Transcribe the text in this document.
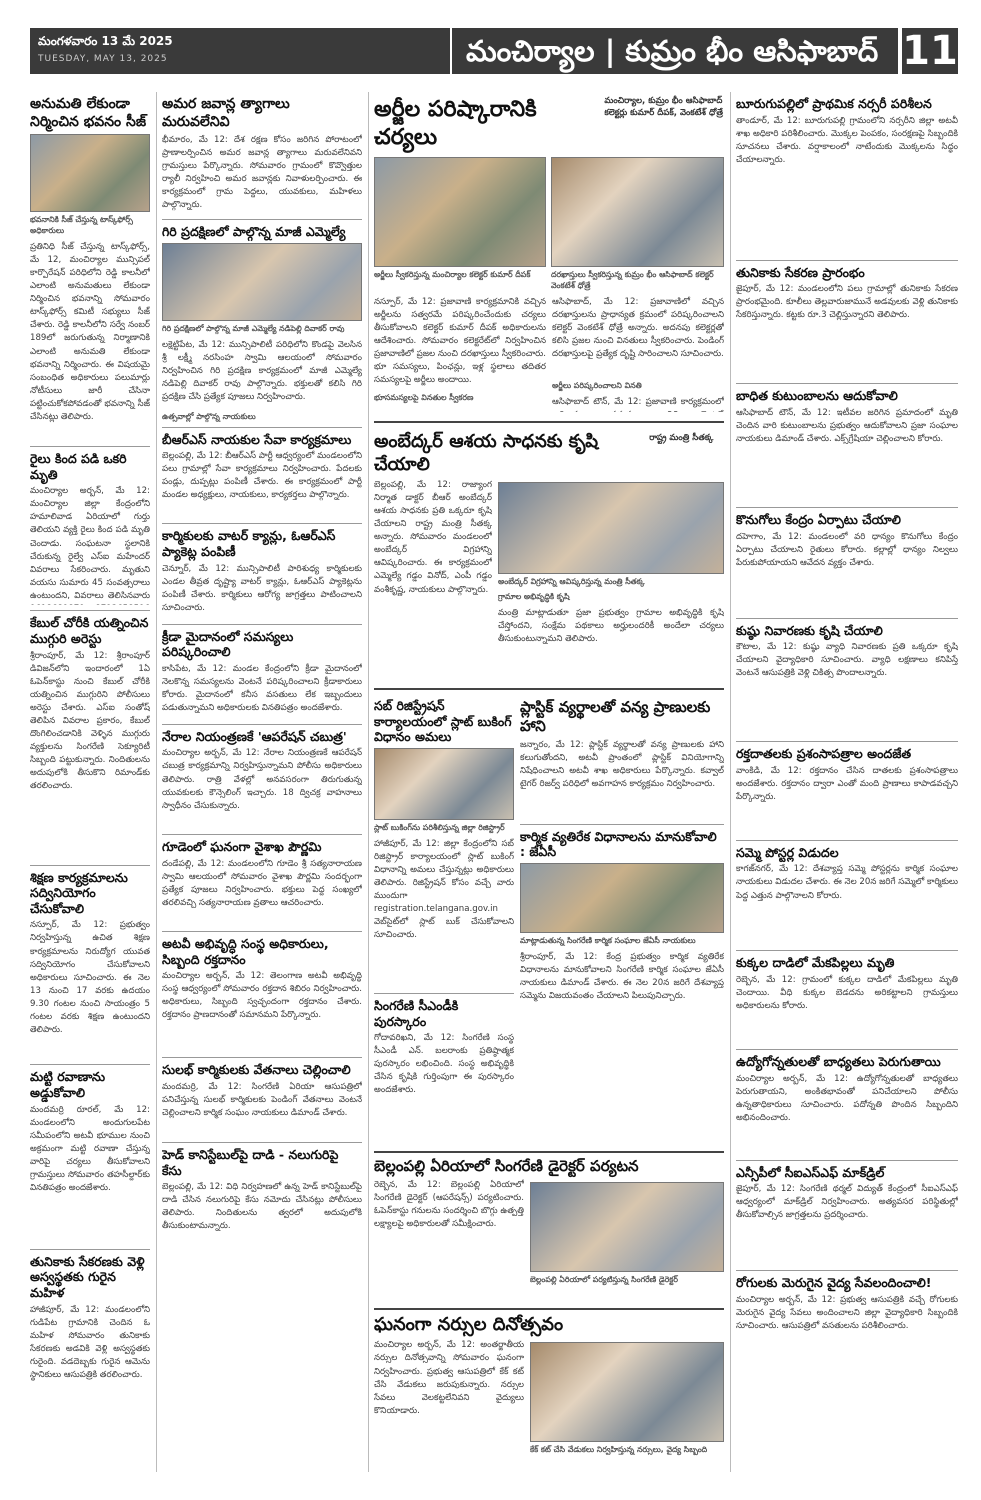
మంగళవారం 13 మే 2025
TUESDAY, MAY 13, 2025	మంచిర్యాల | కుమ్రం భీం ఆసిఫాబాద్ 11
అనుమతి లేకుండా నిర్మించిన భవనం సీజ్
భవనానికి సీజ్ చేస్తున్న టాస్క్‌ఫోర్స్ అధికారులు
ప్రతినిధి సీజ్ చేస్తున్న టాస్క్‌ఫోర్స్, మే 12, మంచిర్యాల మున్సిపల్ కార్పొరేషన్ పరిధిలోని రెడ్డి కాలనీలో ఎలాంటి అనుమతులు లేకుండా నిర్మించిన భవనాన్ని సోమవారం టాస్క్‌ఫోర్స్ కమిటీ సభ్యులు సీజ్ చేశారు. రెడ్డి కాలనీలోని సర్వే నంబర్ 189లో జరుగుతున్న నిర్మాణానికి ఎలాంటి అనుమతి లేకుండా భవనాన్ని నిర్మించారు. ఈ విషయమై సంబంధిత అధికారులు పలుమార్లు నోటీసులు జారీ చేసినా పట్టించుకోకపోవడంతో భవనాన్ని సీజ్ చేసినట్లు తెలిపారు.
రైలు కింద పడి ఒకరి మృతి
మంచిర్యాల అర్బన్, మే 12: మంచిర్యాల జిల్లా కేంద్రంలోని హమాలివాడ ఏరియాలో గుర్తు తెలియని వ్యక్తి రైలు కింద పడి మృతి చెందాడు. సంఘటనా స్థలానికి చేరుకున్న రైల్వే ఎస్ఐ మహేందర్ వివరాలు సేకరించారు. మృతుని వయసు సుమారు 45 సంవత్సరాలు ఉంటుందని, వివరాలు తెలిసినవారు
కేబుల్ చోరీకి యత్నించిన ముగ్గురి అరెస్టు
శ్రీరాంపూర్, మే 12: శ్రీరాంపూర్ డివిజన్‌లోని ఇందారంలో 1ఏ ఓపెన్‌కాస్టు నుంచి కేబుల్ చోరీకి యత్నించిన ముగ్గురిని పోలీసులు అరెస్టు చేశారు. ఎస్ఐ సంతోష్ తెలిపిన వివరాల ప్రకారం, కేబుల్ దొంగిలించడానికి వెళ్ళిన ముగ్గురు వ్యక్తులను సింగరేణి సెక్యూరిటీ సిబ్బంది పట్టుకున్నారు. నిందితులను అదుపులోకి తీసుకొని రిమాండ్‌కు తరలించారు.
శిక్షణ కార్యక్రమాలను సద్వినియోగం చేసుకోవాలి
నస్పూర్, మే 12: ప్రభుత్వం నిర్వహిస్తున్న ఉచిత శిక్షణ కార్యక్రమాలను నిరుద్యోగ యువత సద్వినియోగం చేసుకోవాలని అధికారులు సూచించారు. ఈ నెల 13 నుంచి 17 వరకు ఉదయం 9.30 గంటల నుంచి సాయంత్రం 5 గంటల వరకు శిక్షణ ఉంటుందని తెలిపారు.
మట్టి రవాణాను అడ్డుకోవాలి
మందమర్రి రూరల్, మే 12: మండలంలోని అందుగులపేట సమీపంలోని అటవీ భూముల నుంచి అక్రమంగా మట్టి రవాణా చేస్తున్న వారిపై చర్యలు తీసుకోవాలని గ్రామస్తులు సోమవారం తహసీల్దార్‌కు వినతిపత్రం అందజేశారు.
తునికాకు సేకరణకు వెళ్లి అస్వస్థతకు గురైన మహిళ
హాజీపూర్, మే 12: మండలంలోని గుడిపేట గ్రామానికి చెందిన ఓ మహిళ సోమవారం తునికాకు సేకరణకు అడవికి వెళ్లి అస్వస్థతకు గురైంది. వడదెబ్బకు గురైన ఆమెను స్థానికులు ఆసుపత్రికి తరలించారు.
అమర జవాన్ల త్యాగాలు మరువలేనివి
భీమారం, మే 12: దేశ రక్షణ కోసం జరిగిన పోరాటంలో ప్రాణాలర్పించిన అమర జవాన్ల త్యాగాలు మరువలేనివని గ్రామస్తులు పేర్కొన్నారు. సోమవారం గ్రామంలో కొవ్వొత్తుల ర్యాలీ నిర్వహించి అమర జవాన్లకు నివాళులర్పించారు. ఈ కార్యక్రమంలో గ్రామ పెద్దలు, యువకులు, మహిళలు పాల్గొన్నారు.
గిరి ప్రదక్షిణలో పాల్గొన్న మాజీ ఎమ్మెల్యే
గిరి ప్రదక్షిణలో పాల్గొన్న మాజీ ఎమ్మెల్యే నడిపెల్లి దివాకర్ రావు
లక్షెట్టిపేట, మే 12: మున్సిపాలిటీ పరిధిలోని కొండపై వెలసిన శ్రీ లక్ష్మీ నరసింహ స్వామి ఆలయంలో సోమవారం నిర్వహించిన గిరి ప్రదక్షిణ కార్యక్రమంలో మాజీ ఎమ్మెల్యే నడిపెల్లి దివాకర్ రావు పాల్గొన్నారు. భక్తులతో కలిసి గిరి ప్రదక్షిణ చేసి ప్రత్యేక పూజలు నిర్వహించారు.
ఉత్సవాల్లో పాల్గొన్న నాయకులు
బీఆర్ఎస్ నాయకుల సేవా కార్యక్రమాలు
బెల్లంపల్లి, మే 12: బీఆర్ఎస్ పార్టీ ఆధ్వర్యంలో మండలంలోని పలు గ్రామాల్లో సేవా కార్యక్రమాలు నిర్వహించారు. పేదలకు పండ్లు, దుప్పట్లు పంపిణీ చేశారు. ఈ కార్యక్రమంలో పార్టీ మండల అధ్యక్షులు, నాయకులు, కార్యకర్తలు పాల్గొన్నారు.
కార్మికులకు వాటర్ క్యాన్లు, ఓఆర్ఎస్ ప్యాకెట్ల పంపిణీ
చెన్నూర్, మే 12: మున్సిపాలిటీ పారిశుధ్య కార్మికులకు ఎండల తీవ్రత దృష్ట్యా వాటర్ క్యాన్లు, ఓఆర్ఎస్ ప్యాకెట్లను పంపిణీ చేశారు. కార్మికులు ఆరోగ్య జాగ్రత్తలు పాటించాలని సూచించారు.
క్రీడా మైదానంలో సమస్యలు పరిష్కరించాలి
కాసిపేట, మే 12: మండల కేంద్రంలోని క్రీడా మైదానంలో నెలకొన్న సమస్యలను వెంటనే పరిష్కరించాలని క్రీడాకారులు కోరారు. మైదానంలో కనీస వసతులు లేక ఇబ్బందులు పడుతున్నామని అధికారులకు వినతిపత్రం అందజేశారు.
నేరాల నియంత్రణకే 'ఆపరేషన్ చబుత్ర'
మంచిర్యాల అర్బన్, మే 12: నేరాల నియంత్రణకే ఆపరేషన్ చబుత్ర కార్యక్రమాన్ని నిర్వహిస్తున్నామని పోలీసు అధికారులు తెలిపారు. రాత్రి వేళల్లో అనవసరంగా తిరుగుతున్న యువకులకు కౌన్సెలింగ్ ఇచ్చారు. 18 ద్విచక్ర వాహనాలు స్వాధీనం చేసుకున్నారు.
గూడెంలో ఘనంగా వైశాఖ పౌర్ణమి
దండేపల్లి, మే 12: మండలంలోని గూడెం శ్రీ సత్యనారాయణ స్వామి ఆలయంలో సోమవారం వైశాఖ పౌర్ణమి సందర్భంగా ప్రత్యేక పూజలు నిర్వహించారు. భక్తులు పెద్ద సంఖ్యలో తరలివచ్చి సత్యనారాయణ వ్రతాలు ఆచరించారు.
అటవీ అభివృద్ధి సంస్థ అధికారులు, సిబ్బంది రక్తదానం
మంచిర్యాల అర్బన్, మే 12: తెలంగాణ అటవీ అభివృద్ధి సంస్థ ఆధ్వర్యంలో సోమవారం రక్తదాన శిబిరం నిర్వహించారు. అధికారులు, సిబ్బంది స్వచ్ఛందంగా రక్తదానం చేశారు. రక్తదానం ప్రాణదానంతో సమానమని పేర్కొన్నారు.
సులభ్ కార్మికులకు వేతనాలు చెల్లించాలి
మందమర్రి, మే 12: సింగరేణి ఏరియా ఆసుపత్రిలో పనిచేస్తున్న సులభ్ కార్మికులకు పెండింగ్ వేతనాలు వెంటనే చెల్లించాలని కార్మిక సంఘం నాయకులు డిమాండ్ చేశారు.
హెడ్ కానిస్టేబుల్‌పై దాడి - నలుగురిపై కేసు
బెల్లంపల్లి, మే 12: విధి నిర్వహణలో ఉన్న హెడ్ కానిస్టేబుల్‌పై దాడి చేసిన నలుగురిపై కేసు నమోదు చేసినట్లు పోలీసులు తెలిపారు. నిందితులను త్వరలో అదుపులోకి తీసుకుంటామన్నారు.
అర్జీల పరిష్కారానికి చర్యలు
మంచిర్యాల, కుమ్రం భీం ఆసిఫాబాద్ కలెక్టర్లు కుమార్ దీపక్, వెంకటేశ్ ధోత్రే
అర్జీలు స్వీకరిస్తున్న మంచిర్యాల కలెక్టర్ కుమార్ దీపక్	దరఖాస్తులు స్వీకరిస్తున్న కుమ్రం భీం ఆసిఫాబాద్ కలెక్టర్ వెంకటేశ్ ధోత్రే
నస్పూర్, మే 12: ప్రజావాణి కార్యక్రమానికి వచ్చిన అర్జీలను సత్వరమే పరిష్కరించేందుకు చర్యలు తీసుకోవాలని కలెక్టర్ కుమార్ దీపక్ అధికారులను ఆదేశించారు. సోమవారం కలెక్టరేట్‌లో నిర్వహించిన ప్రజావాణిలో ప్రజల నుంచి దరఖాస్తులు స్వీకరించారు. భూ సమస్యలు, పింఛన్లు, ఇళ్ల స్థలాలు తదితర సమస్యలపై అర్జీలు అందాయి.
భూసమస్యలపై వినతుల స్వీకరణ
ఆసిఫాబాద్, మే 12: ప్రజావాణిలో వచ్చిన దరఖాస్తులను ప్రాధాన్యత క్రమంలో పరిష్కరించాలని కలెక్టర్ వెంకటేశ్ ధోత్రే అన్నారు. అదనపు కలెక్టర్లతో కలిసి ప్రజల నుంచి వినతులు స్వీకరించారు. పెండింగ్ దరఖాస్తులపై ప్రత్యేక దృష్టి సారించాలని సూచించారు.
అర్జీలు పరిష్కరించాలని వినతి
ఆసిఫాబాద్ టౌన్, మే 12: ప్రజావాణి కార్యక్రమంలో
అంబేద్కర్ ఆశయ సాధనకు కృషి చేయాలి
రాష్ట్ర మంత్రి సీతక్క
బెల్లంపల్లి, మే 12: రాజ్యాంగ నిర్మాత డాక్టర్ బీఆర్ అంబేద్కర్ ఆశయ సాధనకు ప్రతి ఒక్కరూ కృషి చేయాలని రాష్ట్ర మంత్రి సీతక్క అన్నారు. సోమవారం మండలంలో అంబేద్కర్ విగ్రహాన్ని ఆవిష్కరించారు. ఈ కార్యక్రమంలో ఎమ్మెల్యే గడ్డం వినోద్, ఎంపీ గడ్డం వంశీకృష్ణ, నాయకులు పాల్గొన్నారు.
అంబేద్కర్ విగ్రహాన్ని ఆవిష్కరిస్తున్న మంత్రి సీతక్క
గ్రామాల అభివృద్ధికి కృషి
మంత్రి మాట్లాడుతూ ప్రజా ప్రభుత్వం గ్రామాల అభివృద్ధికి కృషి చేస్తోందని, సంక్షేమ పథకాలు అర్హులందరికీ అందేలా చర్యలు తీసుకుంటున్నామని తెలిపారు.
సబ్ రిజిస్ట్రేషన్ కార్యాలయంలో స్లాట్ బుకింగ్ విధానం అమలు
స్లాట్ బుకింగ్‌ను పరిశీలిస్తున్న జిల్లా రిజిస్ట్రార్
హాజీపూర్, మే 12: జిల్లా కేంద్రంలోని సబ్ రిజిస్ట్రార్ కార్యాలయంలో స్లాట్ బుకింగ్ విధానాన్ని అమలు చేస్తున్నట్లు అధికారులు తెలిపారు. రిజిస్ట్రేషన్ కోసం వచ్చే వారు ముందుగా registration.telangana.gov.in వెబ్‌సైట్‌లో స్లాట్ బుక్ చేసుకోవాలని సూచించారు.
సింగరేణి సీఎండీకి పురస్కారం
గోదావరిఖని, మే 12: సింగరేణి సంస్థ సీఎండీ ఎన్. బలరాంకు ప్రతిష్ఠాత్మక పురస్కారం లభించింది. సంస్థ అభివృద్ధికి చేసిన కృషికి గుర్తింపుగా ఈ పురస్కారం అందజేశారు.
ప్లాస్టిక్ వ్యర్థాలతో వన్య ప్రాణులకు హాని
జన్నారం, మే 12: ప్లాస్టిక్ వ్యర్థాలతో వన్య ప్రాణులకు హాని కలుగుతోందని, అటవీ ప్రాంతంలో ప్లాస్టిక్ వినియోగాన్ని నిషేధించాలని అటవీ శాఖ అధికారులు పేర్కొన్నారు. కవ్వాల్ టైగర్ రిజర్వ్ పరిధిలో అవగాహన కార్యక్రమం నిర్వహించారు.
కార్మిక వ్యతిరేక విధానాలను మానుకోవాలి : జేఏసీ
మాట్లాడుతున్న సింగరేణి కార్మిక సంఘాల జేఏసీ నాయకులు
శ్రీరాంపూర్, మే 12: కేంద్ర ప్రభుత్వం కార్మిక వ్యతిరేక విధానాలను మానుకోవాలని సింగరేణి కార్మిక సంఘాల జేఏసీ నాయకులు డిమాండ్ చేశారు. ఈ నెల 20న జరిగే దేశవ్యాప్త సమ్మెను విజయవంతం చేయాలని పిలుపునిచ్చారు.
బెల్లంపల్లి ఏరియాలో సింగరేణి డైరెక్టర్ పర్యటన
రెబ్బెన, మే 12: బెల్లంపల్లి ఏరియాలో సింగరేణి డైరెక్టర్ (ఆపరేషన్స్) పర్యటించారు. ఓపెన్‌కాస్టు గనులను సందర్శించి బొగ్గు ఉత్పత్తి లక్ష్యాలపై అధికారులతో సమీక్షించారు.
బెల్లంపల్లి ఏరియాలో పర్యటిస్తున్న సింగరేణి డైరెక్టర్
ఘనంగా నర్సుల దినోత్సవం
మంచిర్యాల అర్బన్, మే 12: అంతర్జాతీయ నర్సుల దినోత్సవాన్ని సోమవారం ఘనంగా నిర్వహించారు. ప్రభుత్వ ఆసుపత్రిలో కేక్ కట్ చేసి వేడుకలు జరుపుకున్నారు. నర్సుల సేవలు వెలకట్టలేనివని వైద్యులు కొనియాడారు.
కేక్ కట్ చేసి వేడుకలు నిర్వహిస్తున్న నర్సులు, వైద్య సిబ్బంది
బూరుగుపల్లిలో ప్రాథమిక నర్సరీ పరిశీలన
తాండూర్, మే 12: బూరుగుపల్లి గ్రామంలోని నర్సరీని జిల్లా అటవీ శాఖ అధికారి పరిశీలించారు. మొక్కల పెంపకం, సంరక్షణపై సిబ్బందికి సూచనలు చేశారు. వర్షాకాలంలో నాటేందుకు మొక్కలను సిద్ధం చేయాలన్నారు.
తునికాకు సేకరణ ప్రారంభం
జైపూర్, మే 12: మండలంలోని పలు గ్రామాల్లో తునికాకు సేకరణ ప్రారంభమైంది. కూలీలు తెల్లవారుజామునే అడవులకు వెళ్లి తునికాకు సేకరిస్తున్నారు. కట్టకు రూ.3 చెల్లిస్తున్నారని తెలిపారు.
బాధిత కుటుంబాలను ఆదుకోవాలి
ఆసిఫాబాద్ టౌన్, మే 12: ఇటీవల జరిగిన ప్రమాదంలో మృతి చెందిన వారి కుటుంబాలను ప్రభుత్వం ఆదుకోవాలని ప్రజా సంఘాల నాయకులు డిమాండ్ చేశారు. ఎక్స్‌గ్రేషియా చెల్లించాలని కోరారు.
కొనుగోలు కేంద్రం ఏర్పాటు చేయాలి
దహెగాం, మే 12: మండలంలో వరి ధాన్యం కొనుగోలు కేంద్రం ఏర్పాటు చేయాలని రైతులు కోరారు. కల్లాల్లో ధాన్యం నిల్వలు పేరుకుపోయాయని ఆవేదన వ్యక్తం చేశారు.
కుష్ఠు నివారణకు కృషి చేయాలి
కౌటాల, మే 12: కుష్ఠు వ్యాధి నివారణకు ప్రతి ఒక్కరూ కృషి చేయాలని వైద్యాధికారి సూచించారు. వ్యాధి లక్షణాలు కనిపిస్తే వెంటనే ఆసుపత్రికి వెళ్లి చికిత్స పొందాలన్నారు.
రక్తదాతలకు ప్రశంసాపత్రాల అందజేత
వాంకిడి, మే 12: రక్తదానం చేసిన దాతలకు ప్రశంసాపత్రాలు అందజేశారు. రక్తదానం ద్వారా ఎంతో మంది ప్రాణాలు కాపాడవచ్చని పేర్కొన్నారు.
సమ్మె పోస్టర్ల విడుదల
కాగజ్‌నగర్, మే 12: దేశవ్యాప్త సమ్మె పోస్టర్లను కార్మిక సంఘాల నాయకులు విడుదల చేశారు. ఈ నెల 20న జరిగే సమ్మెలో కార్మికులు పెద్ద ఎత్తున పాల్గొనాలని కోరారు.
కుక్కల దాడిలో మేకపిల్లలు మృతి
రెబ్బెన, మే 12: గ్రామంలో కుక్కల దాడిలో మేకపిల్లలు మృతి చెందాయి. వీధి కుక్కల బెడదను అరికట్టాలని గ్రామస్తులు అధికారులను కోరారు.
ఉద్యోగోన్నతులతో బాధ్యతలు పెరుగుతాయి
మంచిర్యాల అర్బన్, మే 12: ఉద్యోగోన్నతులతో బాధ్యతలు పెరుగుతాయని, అంకితభావంతో పనిచేయాలని పోలీసు ఉన్నతాధికారులు సూచించారు. పదోన్నతి పొందిన సిబ్బందిని అభినందించారు.
ఎన్సీపీలో సీఐఎస్ఎఫ్ మాక్‌డ్రిల్
జైపూర్, మే 12: సింగరేణి థర్మల్ విద్యుత్ కేంద్రంలో సీఐఎస్ఎఫ్ ఆధ్వర్యంలో మాక్‌డ్రిల్ నిర్వహించారు. అత్యవసర పరిస్థితుల్లో తీసుకోవాల్సిన జాగ్రత్తలను ప్రదర్శించారు.
రోగులకు మెరుగైన వైద్య సేవలందించాలి!
మంచిర్యాల అర్బన్, మే 12: ప్రభుత్వ ఆసుపత్రికి వచ్చే రోగులకు మెరుగైన వైద్య సేవలు అందించాలని జిల్లా వైద్యాధికారి సిబ్బందికి సూచించారు. ఆసుపత్రిలో వసతులను పరిశీలించారు.
